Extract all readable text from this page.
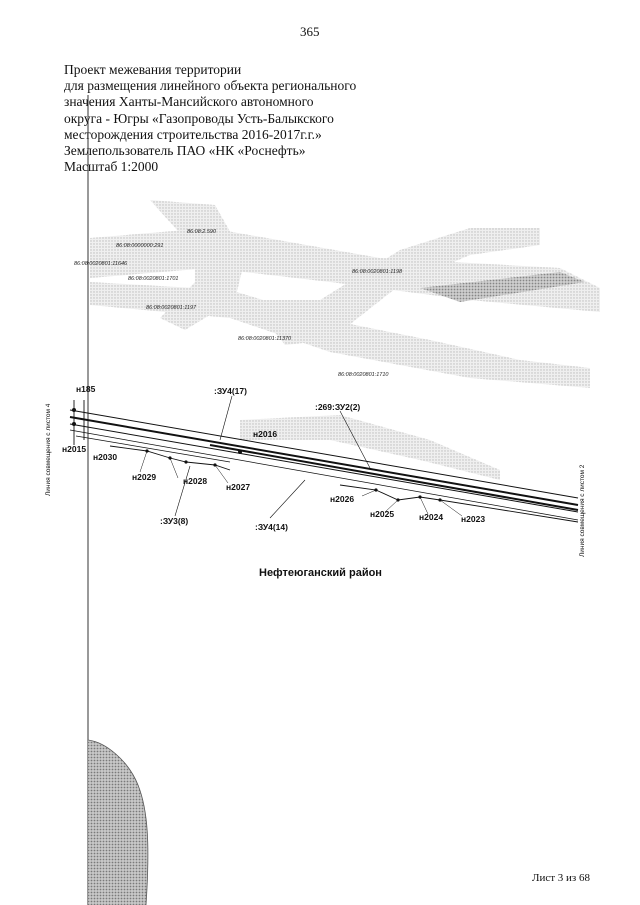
365
Проект межевания территории
для размещения линейного объекта регионального
значения Ханты-Мансийского автономного
округа - Югры «Газопроводы Усть-Балыкского
месторождения строительства 2016-2017г.г.»
Землепользователь ПАО «НК «Роснефть»
Масштаб 1:2000
86:08:2.590
86:08:0000000:291
86:08:0020801:11646
86:08:0020801:1701
86:08:0020801:1197
86:08:0020801:1198
86:08:0020801:11370
86:08:0020801:1710
Линия совмещения с листом 4
Линия совмещения с листом 2
:ЗУ4(17)
:269:ЗУ2(2)
:ЗУ3(8)
:ЗУ4(14)
н185
н2015
н2016
н2030
н2029	н2028
н2027
н2026
н2025	н2024 н2023
Нефтеюганский район
Лист 3 из 68
